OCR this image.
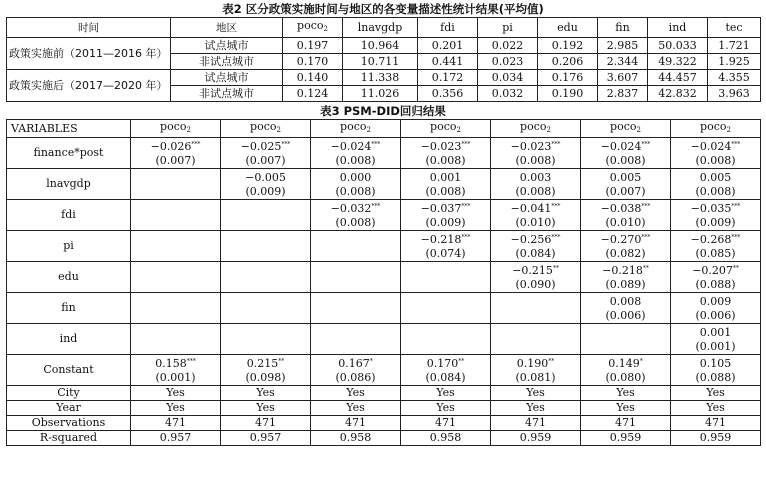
表2 区分政策实施时间与地区的各变量描述性统计结果(平均值)
时间	地区	poco$_2$	lnavgdp	fdi	pi	edu	fin	ind	tec
政策实施前（2011—2016 年）	试点城市	0.197	10.964	0.201	0.022	0.192	2.985	50.033	1.721
	非试点城市	0.170	10.711	0.441	0.023	0.206	2.344	49.322	1.925
政策实施后（2017—2020 年）	试点城市	0.140	11.338	0.172	0.034	0.176	3.607	44.457	4.355
	非试点城市	0.124	11.026	0.356	0.032	0.190	2.837	42.832	3.963
表3 PSM-DID回归结果
VARIABLES	poco$_2$	poco$_2$	poco$_2$	poco$_2$	poco$_2$	poco$_2$	poco$_2$
finance*post	−0.026***	−0.025***	−0.024***	−0.023***	−0.023***	−0.024***	−0.024***
	(0.007)	(0.007)	(0.008)	(0.008)	(0.008)	(0.008)	(0.008)
lnavgdp		−0.005	0.000	0.001	0.003	0.005	0.005
		(0.009)	(0.008)	(0.008)	(0.008)	(0.007)	(0.008)
fdi			−0.032***	−0.037***	−0.041***	−0.038***	−0.035***
			(0.008)	(0.009)	(0.010)	(0.010)	(0.009)
pi				−0.218***	−0.256***	−0.270***	−0.268***
				(0.074)	(0.084)	(0.082)	(0.085)
edu					−0.215**	−0.218**	−0.207**
					(0.090)	(0.089)	(0.088)
fin						0.008	0.009
						(0.006)	(0.006)
ind							0.001
							(0.001)
Constant	0.158***	0.215**	0.167*	0.170**	0.190**	0.149*	0.105
	(0.001)	(0.098)	(0.086)	(0.084)	(0.081)	(0.080)	(0.088)
City	Yes	Yes	Yes	Yes	Yes	Yes	Yes
Year	Yes	Yes	Yes	Yes	Yes	Yes	Yes
Observations	471	471	471	471	471	471	471
R-squared	0.957	0.957	0.958	0.958	0.959	0.959	0.959
